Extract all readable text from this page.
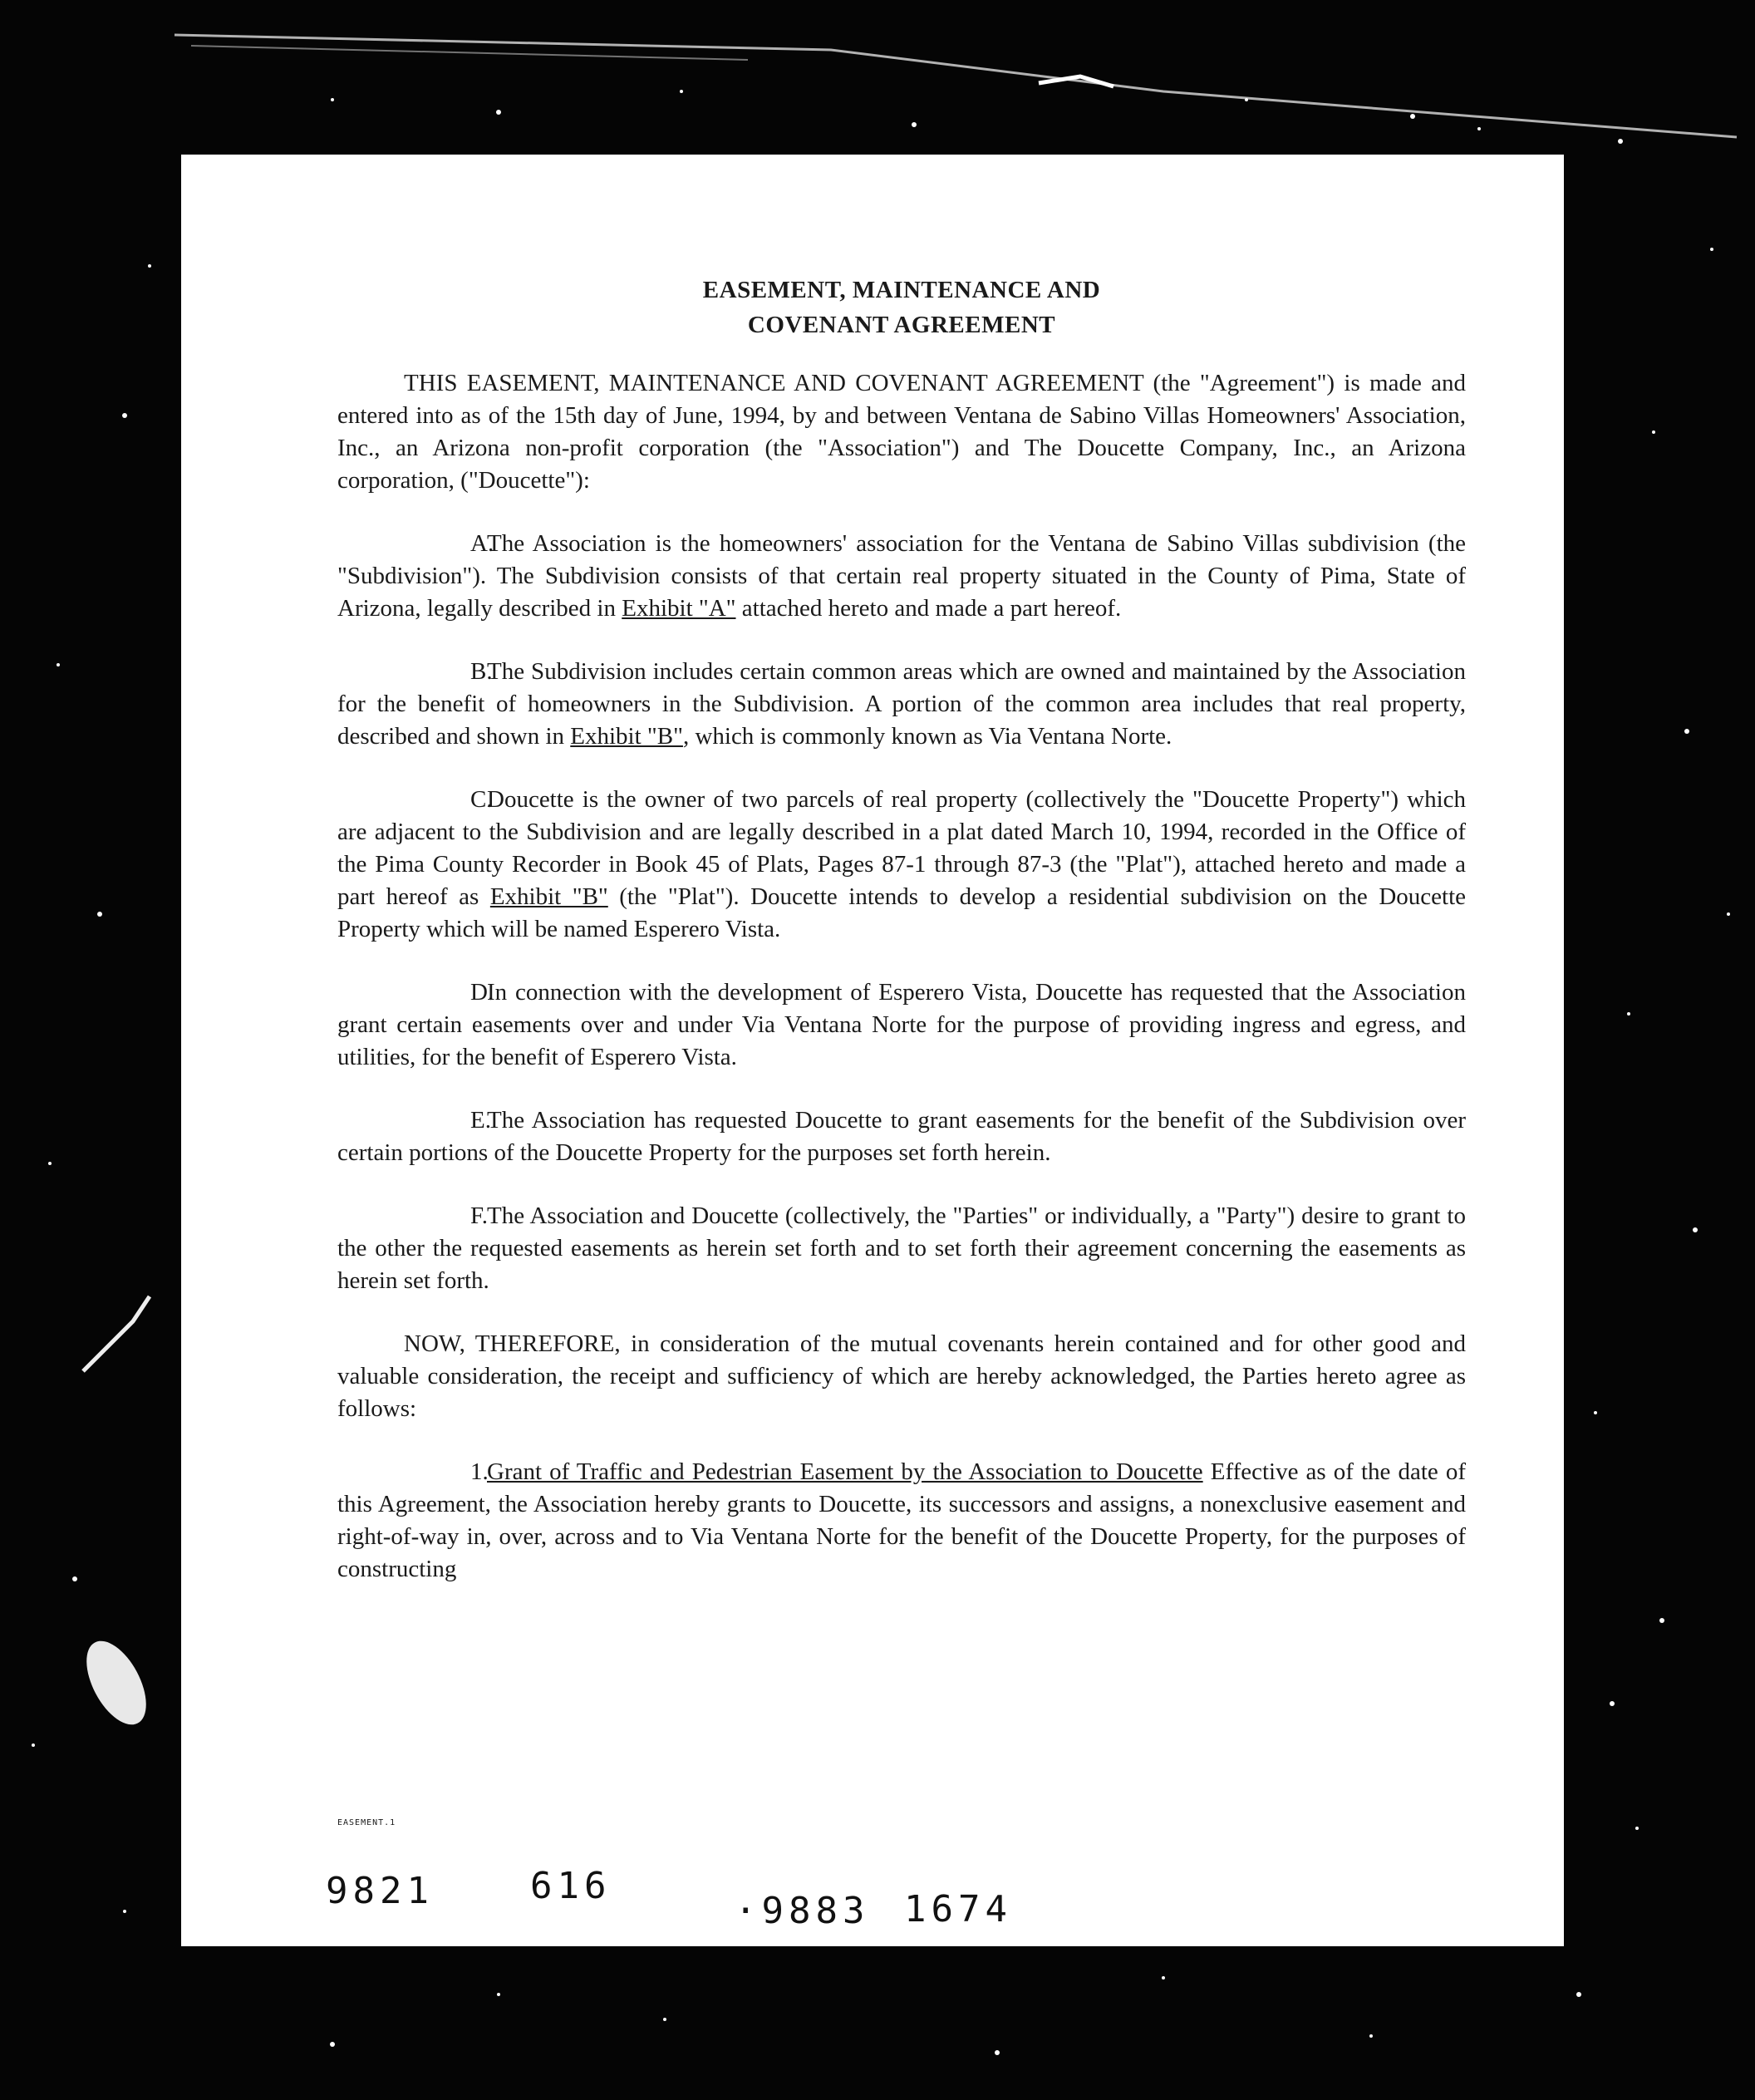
EASEMENT, MAINTENANCE AND
COVENANT AGREEMENT

THIS EASEMENT, MAINTENANCE AND COVENANT AGREEMENT (the "Agreement") is made and entered into as of the 15th day of June, 1994, by and between Ventana de Sabino Villas Homeowners' Association, Inc., an Arizona non-profit corporation (the "Association") and The Doucette Company, Inc., an Arizona corporation, ("Doucette"):

A.The Association is the homeowners' association for the Ventana de Sabino Villas subdivision (the "Subdivision"). The Subdivision consists of that certain real property situated in the County of Pima, State of Arizona, legally described in Exhibit "A" attached hereto and made a part hereof.

B.The Subdivision includes certain common areas which are owned and maintained by the Association for the benefit of homeowners in the Subdivision. A portion of the common area includes that real property, described and shown in Exhibit "B", which is commonly known as Via Ventana Norte.

C.Doucette is the owner of two parcels of real property (collectively the "Doucette Property") which are adjacent to the Subdivision and are legally described in a plat dated March 10, 1994, recorded in the Office of the Pima County Recorder in Book 45 of Plats, Pages 87-1 through 87-3 (the "Plat"), attached hereto and made a part hereof as Exhibit "B" (the "Plat"). Doucette intends to develop a residential subdivision on the Doucette Property which will be named Esperero Vista.

D.In connection with the development of Esperero Vista, Doucette has requested that the Association grant certain easements over and under Via Ventana Norte for the purpose of providing ingress and egress, and utilities, for the benefit of Esperero Vista.

E.The Association has requested Doucette to grant easements for the benefit of the Subdivision over certain portions of the Doucette Property for the purposes set forth herein.

F.The Association and Doucette (collectively, the "Parties" or individually, a "Party") desire to grant to the other the requested easements as herein set forth and to set forth their agreement concerning the easements as herein set forth.

NOW, THEREFORE, in consideration of the mutual covenants herein contained and for other good and valuable consideration, the receipt and sufficiency of which are hereby acknowledged, the Parties hereto agree as follows:

1.Grant of Traffic and Pedestrian Easement by the Association to Doucette Effective as of the date of this Agreement, the Association hereby grants to Doucette, its successors and assigns, a nonexclusive easement and right-of-way in, over, across and to Via Ventana Norte for the benefit of the Doucette Property, for the purposes of constructing

EASEMENT.1
9821	616
·9883 1674
